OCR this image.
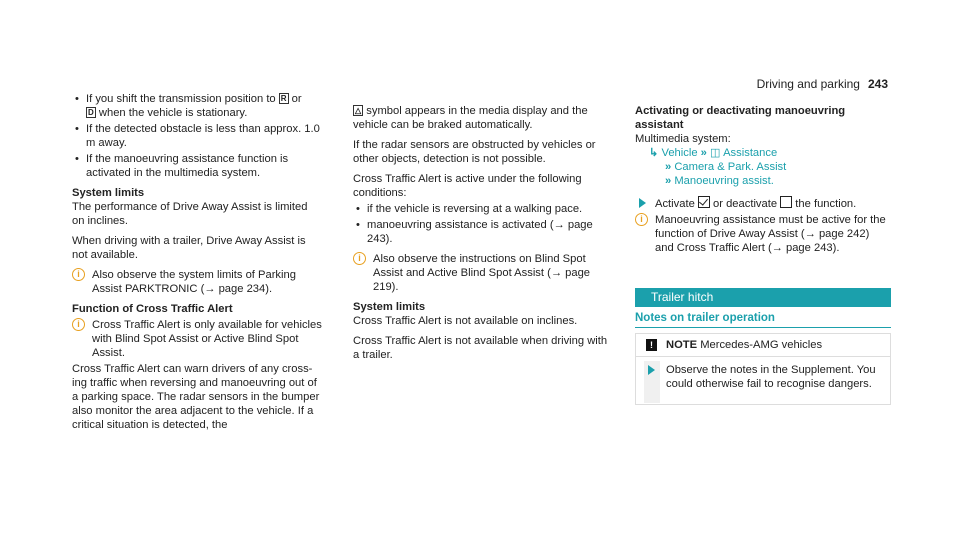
Driving and parking 243
• If you shift the transmission position to R or
D when the vehicle is stationary.
• If the detected obstacle is less than approx. 1.0 m away.
• If the manoeuvring assistance function is activated in the multimedia system.
System limits

The performance of Drive Away Assist is limited on inclines.

When driving with a trailer, Drive Away Assist is not available.

i	Also observe the system limits of Parking Assist PARKTRONIC (→ page 234).
Function of Cross Traffic Alert
i	Cross Traffic Alert is only available for vehicles with Blind Spot Assist or Active Blind Spot Assist.

Cross Traffic Alert can warn drivers of any cross-ing traffic when reversing and manoeuvring out of a parking space. The radar sensors in the bumper also monitor the area adjacent to the vehicle. If a critical situation is detected, the

△ symbol appears in the media display and the vehicle can be braked automatically.

If the radar sensors are obstructed by vehicles or other objects, detection is not possible.

Cross Traffic Alert is active under the following conditions:

• if the vehicle is reversing at a walking pace.
• manoeuvring assistance is activated (→ page 243).
i	Also observe the instructions on Blind Spot Assist and Active Blind Spot Assist (→ page 219).
System limits

Cross Traffic Alert is not available on inclines.

Cross Traffic Alert is not available when driving with a trailer.

Activating or deactivating manoeuvring assistant
Multimedia system:
↳ Vehicle » ◫ Assistance
» Camera & Park. Assist
» Manoeuvring assist.
Activate or deactivate the function.
i	Manoeuvring assistance must be active for the function of Drive Away Assist (→ page 242) and Cross Traffic Alert (→ page 243).
Trailer hitch
Notes on trailer operation
!	NOTE Mercedes-AMG vehicles
Observe the notes in the Supplement. You could otherwise fail to recognise dangers.
